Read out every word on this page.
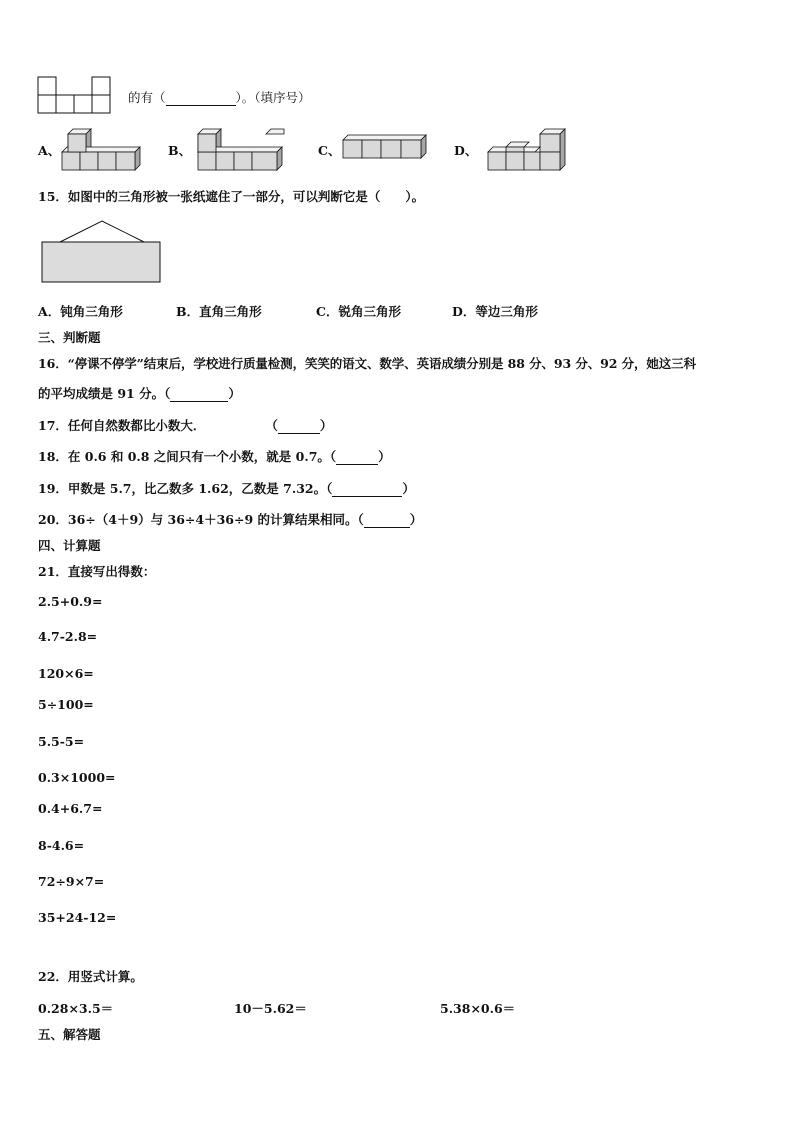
的有（	）。（填序号）
A、	B、	C、	D、
15．如图中的三角形被一张纸遮住了一部分，可以判断它是（　　）。
A．钝角三角形	B．直角三角形	C．锐角三角形	D．等边三角形
三、判断题
16．“停课不停学”结束后，学校进行质量检测，笑笑的语文、数学、英语成绩分别是 88 分、93 分、92 分，她这三科
的平均成绩是 91 分。（	）
17．任何自然数都比小数大．	（	）
18．在 0.6 和 0.8 之间只有一个小数，就是 0.7。（	）
19．甲数是 5.7，比乙数多 1.62，乙数是 7.32。（	）
20．36÷（4＋9）与 36÷4＋36÷9 的计算结果相同。（	）
四、计算题
21．直接写出得数：
2.5+0.9=
4.7-2.8=
120×6=
5÷100=
5.5-5=
0.3×1000=
0.4+6.7=
8-4.6=
72÷9×7=
35+24-12=
22．用竖式计算。
0.28×3.5＝	10－5.62＝	5.38×0.6＝
五、解答题
